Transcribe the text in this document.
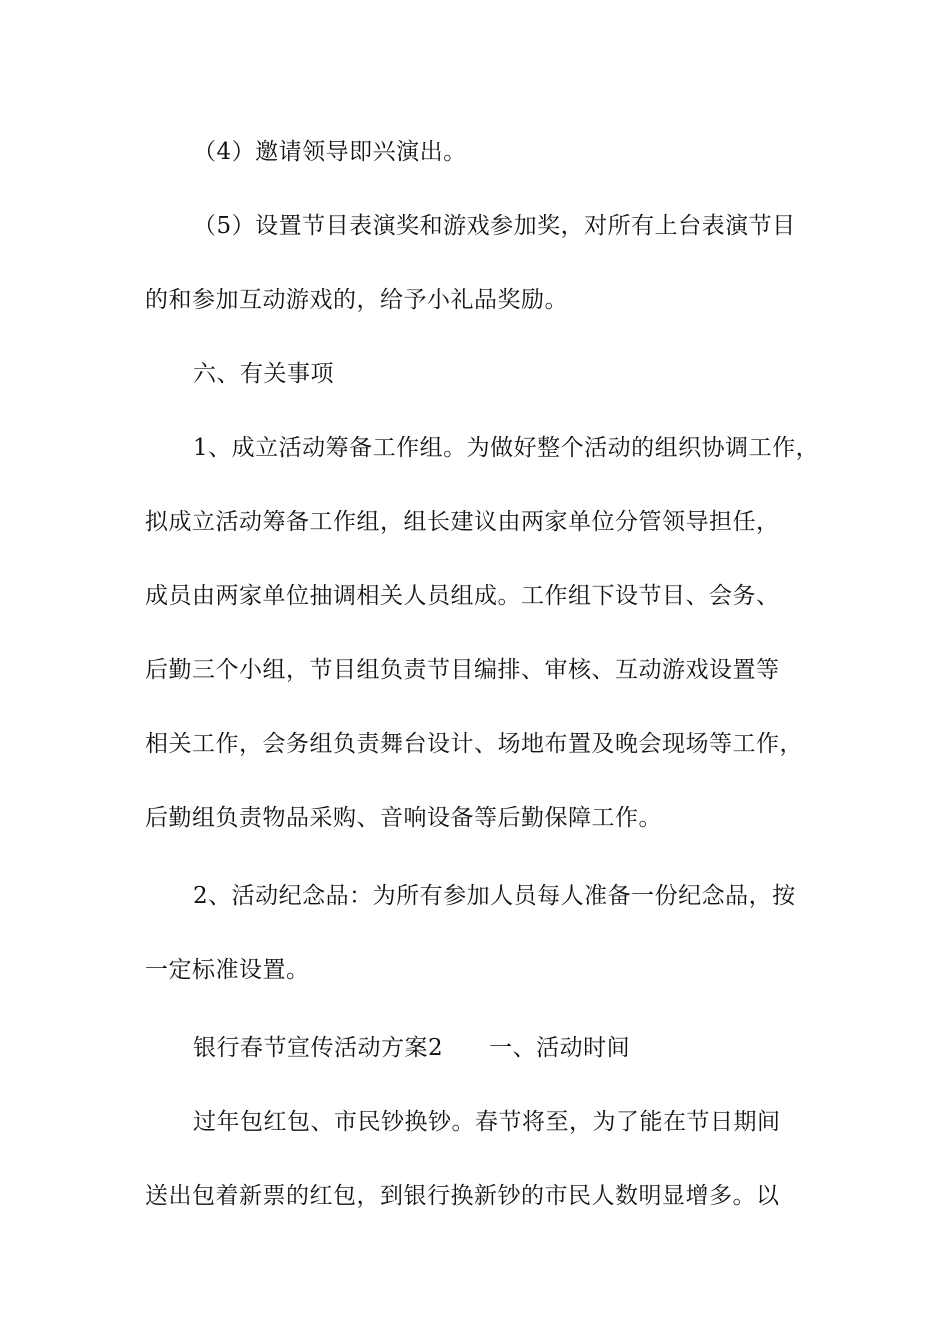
（4）邀请领导即兴演出。
（5）设置节目表演奖和游戏参加奖，对所有上台表演节目
的和参加互动游戏的，给予小礼品奖励。
六、有关事项
1、成立活动筹备工作组。为做好整个活动的组织协调工作，
拟成立活动筹备工作组，组长建议由两家单位分管领导担任，
成员由两家单位抽调相关人员组成。工作组下设节目、会务、
后勤三个小组，节目组负责节目编排、审核、互动游戏设置等
相关工作，会务组负责舞台设计、场地布置及晚会现场等工作，
后勤组负责物品采购、音响设备等后勤保障工作。
2、活动纪念品：为所有参加人员每人准备一份纪念品，按
一定标准设置。
银行春节宣传活动方案2 一、活动时间
过年包红包、市民钞换钞。春节将至，为了能在节日期间
送出包着新票的红包，到银行换新钞的市民人数明显增多。以
